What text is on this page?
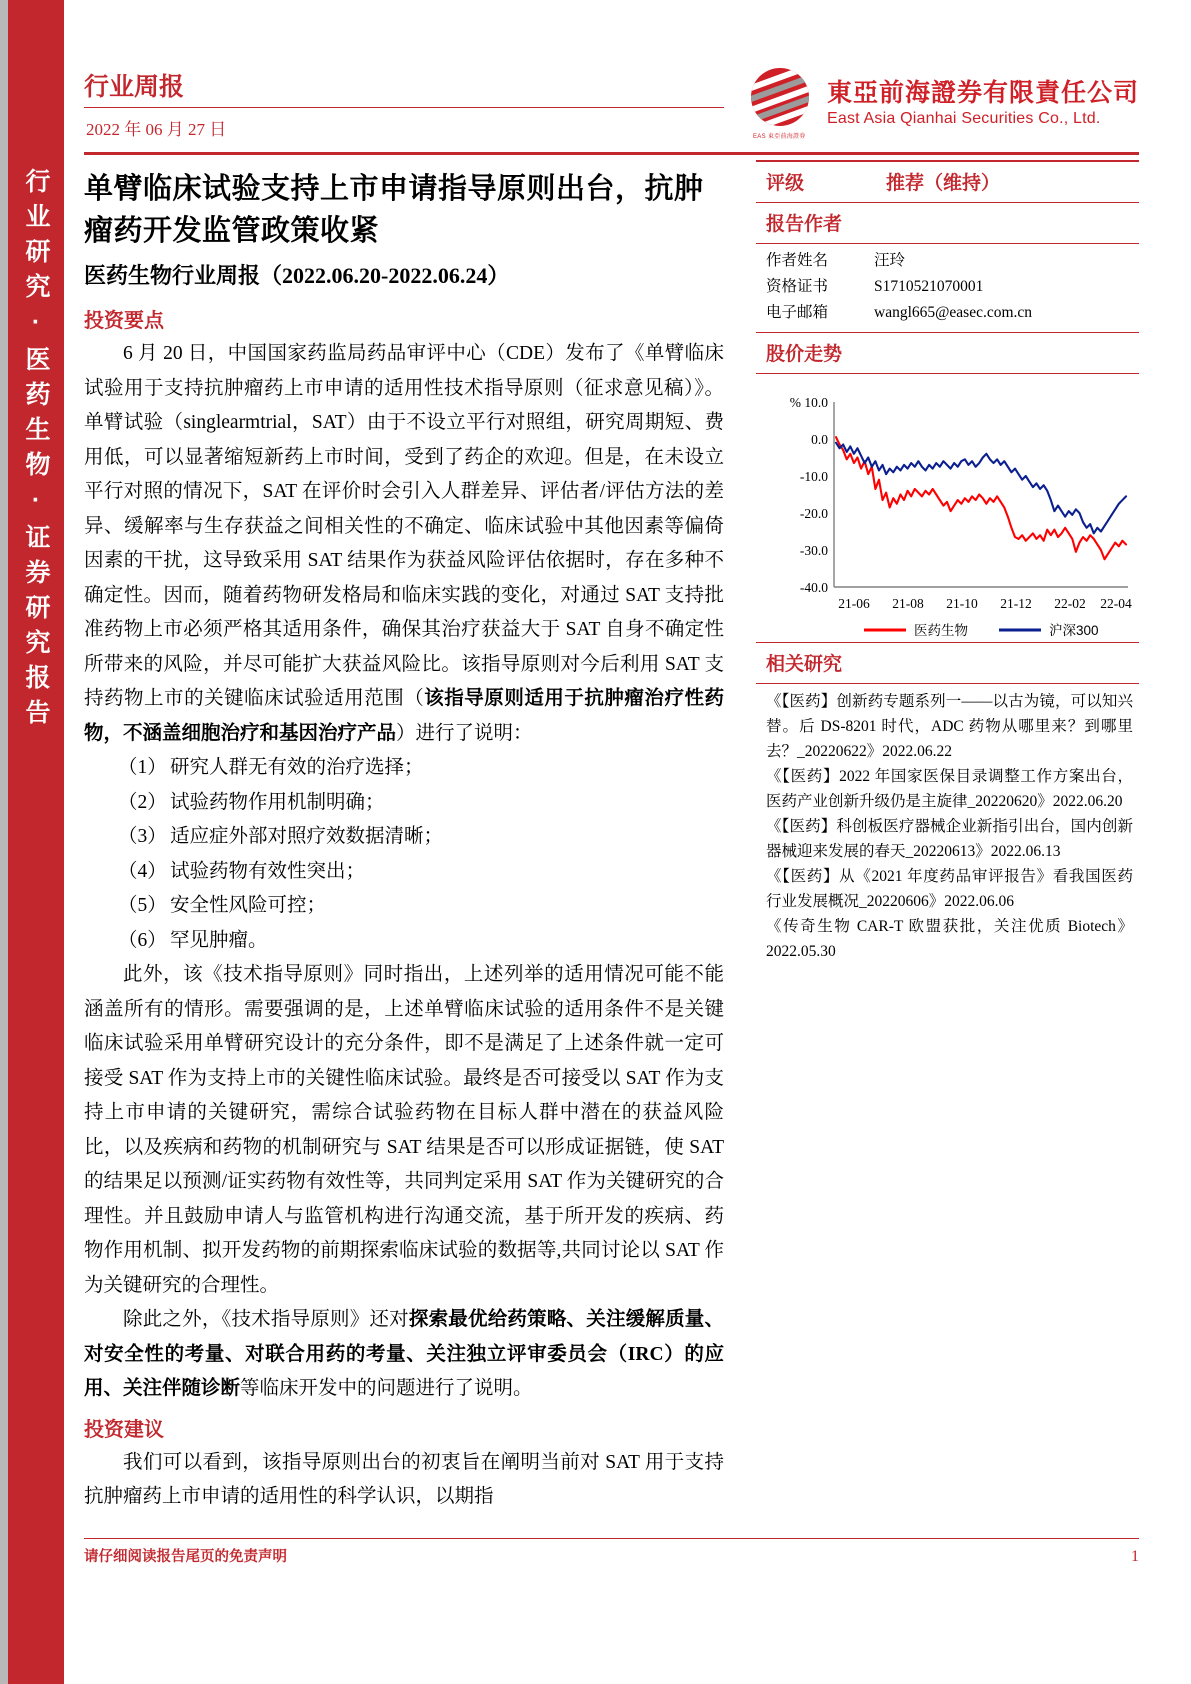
行业研究·医药生物·证券研究报告
行业周报
2022 年 06 月 27 日	EAS 東亞前海證券
東亞前海證券有限責任公司
East Asia Qianhai Securities Co., Ltd.
单臂临床试验支持上市申请指导原则出台，抗肿瘤药开发监管政策收紧
医药生物行业周报（2022.06.20-2022.06.24）
投资要点

6 月 20 日，中国国家药监局药品审评中心（CDE）发布了《单臂临床试验用于支持抗肿瘤药上市申请的适用性技术指导原则（征求意见稿）》。单臂试验（singlearmtrial，SAT）由于不设立平行对照组，研究周期短、费用低，可以显著缩短新药上市时间，受到了药企的欢迎。但是，在未设立平行对照的情况下，SAT 在评价时会引入人群差异、评估者/评估方法的差异、缓解率与生存获益之间相关性的不确定、临床试验中其他因素等偏倚因素的干扰，这导致采用 SAT 结果作为获益风险评估依据时，存在多种不确定性。因而，随着药物研发格局和临床实践的变化，对通过 SAT 支持批准药物上市必须严格其适用条件，确保其治疗获益大于 SAT 自身不确定性所带来的风险，并尽可能扩大获益风险比。该指导原则对今后利用 SAT 支持药物上市的关键临床试验适用范围（该指导原则适用于抗肿瘤治疗性药物，不涵盖细胞治疗和基因治疗产品）进行了说明：

（1） 研究人群无有效的治疗选择；
（2） 试验药物作用机制明确；
（3） 适应症外部对照疗效数据清晰；
（4） 试验药物有效性突出；
（5） 安全性风险可控；
（6） 罕见肿瘤。

此外，该《技术指导原则》同时指出，上述列举的适用情况可能不能涵盖所有的情形。需要强调的是，上述单臂临床试验的适用条件不是关键临床试验采用单臂研究设计的充分条件，即不是满足了上述条件就一定可接受 SAT 作为支持上市的关键性临床试验。最终是否可接受以 SAT 作为支持上市申请的关键研究，需综合试验药物在目标人群中潜在的获益风险比，以及疾病和药物的机制研究与 SAT 结果是否可以形成证据链，使 SAT 的结果足以预测/证实药物有效性等，共同判定采用 SAT 作为关键研究的合理性。并且鼓励申请人与监管机构进行沟通交流，基于所开发的疾病、药物作用机制、拟开发药物的前期探索临床试验的数据等,共同讨论以 SAT 作为关键研究的合理性。

除此之外，《技术指导原则》还对探索最优给药策略、关注缓解质量、对安全性的考量、对联合用药的考量、关注独立评审委员会（IRC）的应用、关注伴随诊断等临床开发中的问题进行了说明。

投资建议

我们可以看到，该指导原则出台的初衷旨在阐明当前对 SAT 用于支持抗肿瘤药上市申请的适用性的科学认识，以期指

评级	推荐（维持）
报告作者
作者姓名	汪玲
资格证书	S1710521070001
电子邮箱	wangl665@easec.com.cn
股价走势
% 10.0
0.0
-10.0
-20.0
-30.0
-40.0
21-06 21-08 21-10 21-12 22-02 22-04
医药生物	沪深300
相关研究
《【医药】创新药专题系列一——以古为镜，可以知兴替。后 DS-8201 时代，ADC 药物从哪里来？到哪里去？_20220622》2022.06.22
《【医药】2022 年国家医保目录调整工作方案出台，医药产业创新升级仍是主旋律_20220620》2022.06.20
《【医药】科创板医疗器械企业新指引出台，国内创新器械迎来发展的春天_20220613》2022.06.13
《【医药】从《2021 年度药品审评报告》看我国医药行业发展概况_20220606》2022.06.06
《传奇生物 CAR-T 欧盟获批，关注优质 Biotech》2022.05.30
请仔细阅读报告尾页的免责声明	1
